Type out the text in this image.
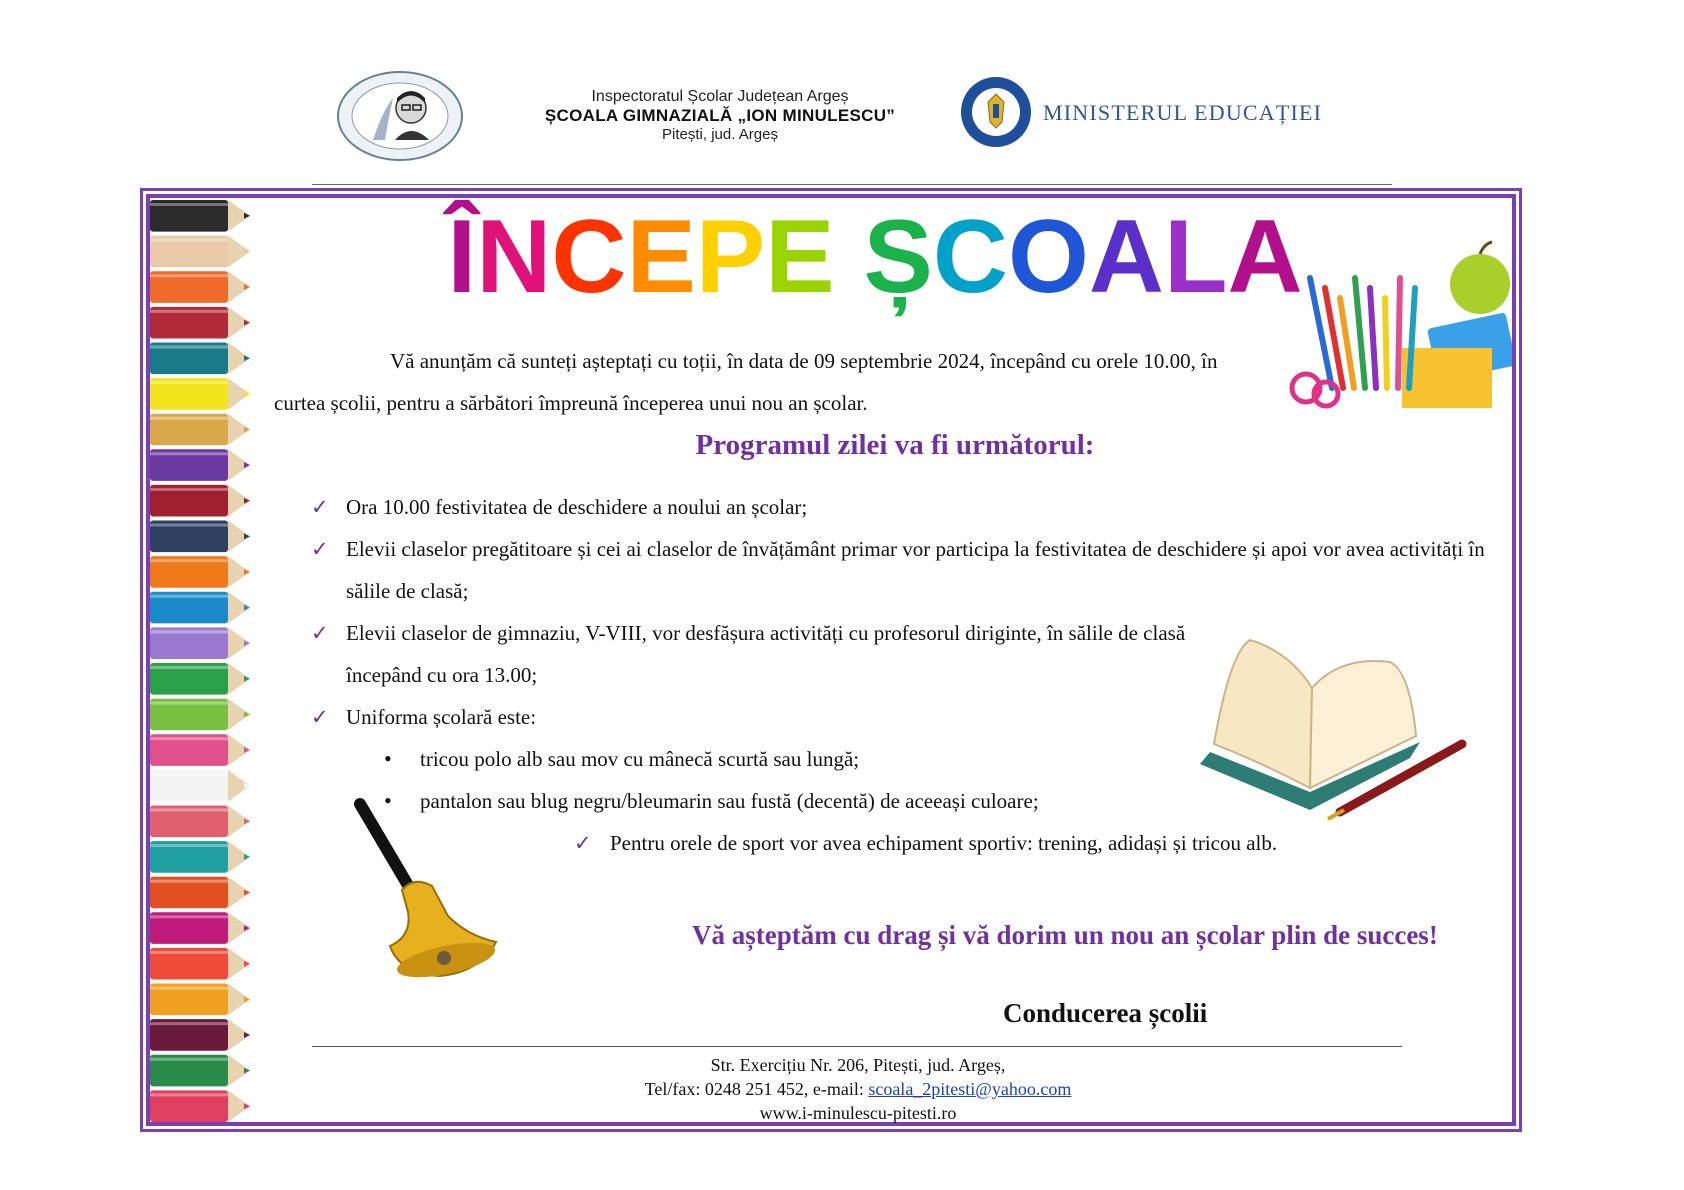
Inspectoratul Școlar Județean Argeș
ȘCOALA GIMNAZIALĂ „ION MINULESCU”
Pitești, jud. Argeș
MINISTERUL EDUCAȚIEI
ÎNCEPE ȘCOALA

Vă anunțăm că sunteți așteptați cu toții, în data de 09 septembrie 2024, începând cu orele 10.00, în curtea școlii, pentru a sărbători împreună începerea unui nou an școlar.

Programul zilei va fi următorul:
✓ Ora 10.00 festivitatea de deschidere a noului an școlar;
✓ Elevii claselor pregătitoare și cei ai claselor de învățământ primar vor participa la festivitatea de deschidere și apoi vor avea activități în sălile de clasă;
✓ Elevii claselor de gimnaziu, V-VIII, vor desfășura activități cu profesorul diriginte, în sălile de clasă începând cu ora 13.00;
✓ Uniforma școlară este:
• tricou polo alb sau mov cu mânecă scurtă sau lungă;
• pantalon sau blug negru/bleumarin sau fustă (decentă) de aceeași culoare;
✓ Pentru orele de sport vor avea echipament sportiv: trening, adidași și tricou alb.
Vă așteptăm cu drag și vă dorim un nou an școlar plin de succes!
Conducerea școlii
Str. Exercițiu Nr. 206, Pitești, jud. Argeș,
Tel/fax: 0248 251 452, e-mail: scoala_2pitesti@yahoo.com
www.i-minulescu-pitesti.ro
